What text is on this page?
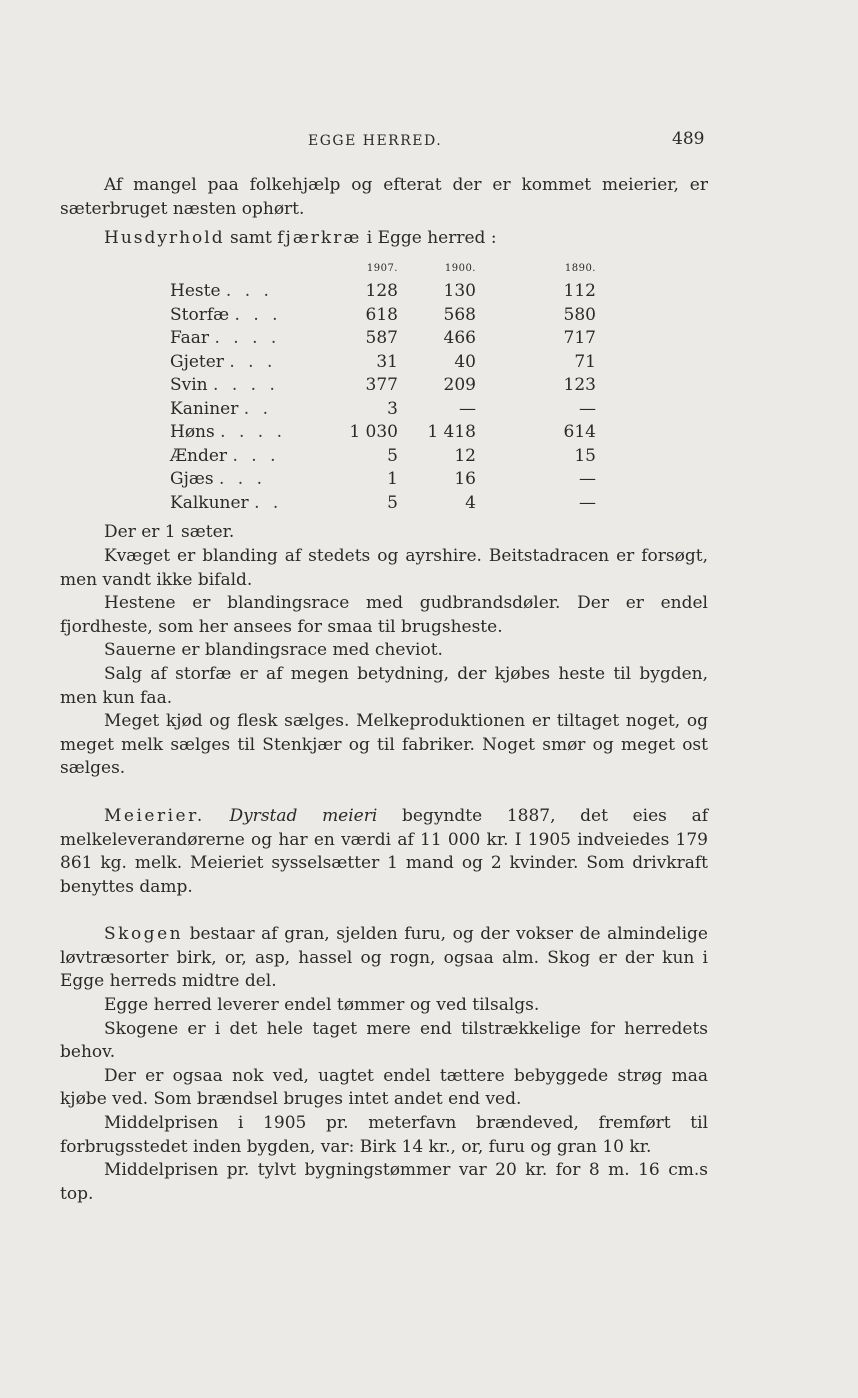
EGGE HERRED.	489

Af mangel paa folkehjælp og efterat der er kommet meierier, er sæterbruget næsten ophørt.

Husdyrhold samt fjærkræ i Egge herred :

	1907.	1900.	1890.
Heste . . .	128	130	112
Storfæ . . .	618	568	580
Faar . . . .	587	466	717
Gjeter . . .	31	40	71
Svin . . . .	377	209	123
Kaniner . .	3	—	—
Høns . . . .	1 030	1 418	614
Ænder . . .	5	12	15
Gjæs . . .	1	16	—
Kalkuner . .	5	4	—

Der er 1 sæter.

Kvæget er blanding af stedets og ayrshire. Beitstadracen er forsøgt, men vandt ikke bifald.

Hestene er blandingsrace med gudbrandsdøler. Der er endel fjordheste, som her ansees for smaa til brugsheste.

Sauerne er blandingsrace med cheviot.

Salg af storfæ er af megen betydning, der kjøbes heste til bygden, men kun faa.

Meget kjød og flesk sælges. Melkeproduktionen er tiltaget noget, og meget melk sælges til Stenkjær og til fabriker. Noget smør og meget ost sælges.

Meierier. Dyrstad meieri begyndte 1887, det eies af melkeleverandørerne og har en værdi af 11 000 kr. I 1905 indveiedes 179 861 kg. melk. Meieriet sysselsætter 1 mand og 2 kvinder. Som drivkraft benyttes damp.

Skogen bestaar af gran, sjelden furu, og der vokser de almindelige løvtræsorter birk, or, asp, hassel og rogn, ogsaa alm. Skog er der kun i Egge herreds midtre del.

Egge herred leverer endel tømmer og ved tilsalgs.

Skogene er i det hele taget mere end tilstrækkelige for herredets behov.

Der er ogsaa nok ved, uagtet endel tættere bebyggede strøg maa kjøbe ved. Som brændsel bruges intet andet end ved.

Middelprisen i 1905 pr. meterfavn brændeved, fremført til forbrugsstedet inden bygden, var: Birk 14 kr., or, furu og gran 10 kr.

Middelprisen pr. tylvt bygningstømmer var 20 kr. for 8 m. 16 cm.s top.
